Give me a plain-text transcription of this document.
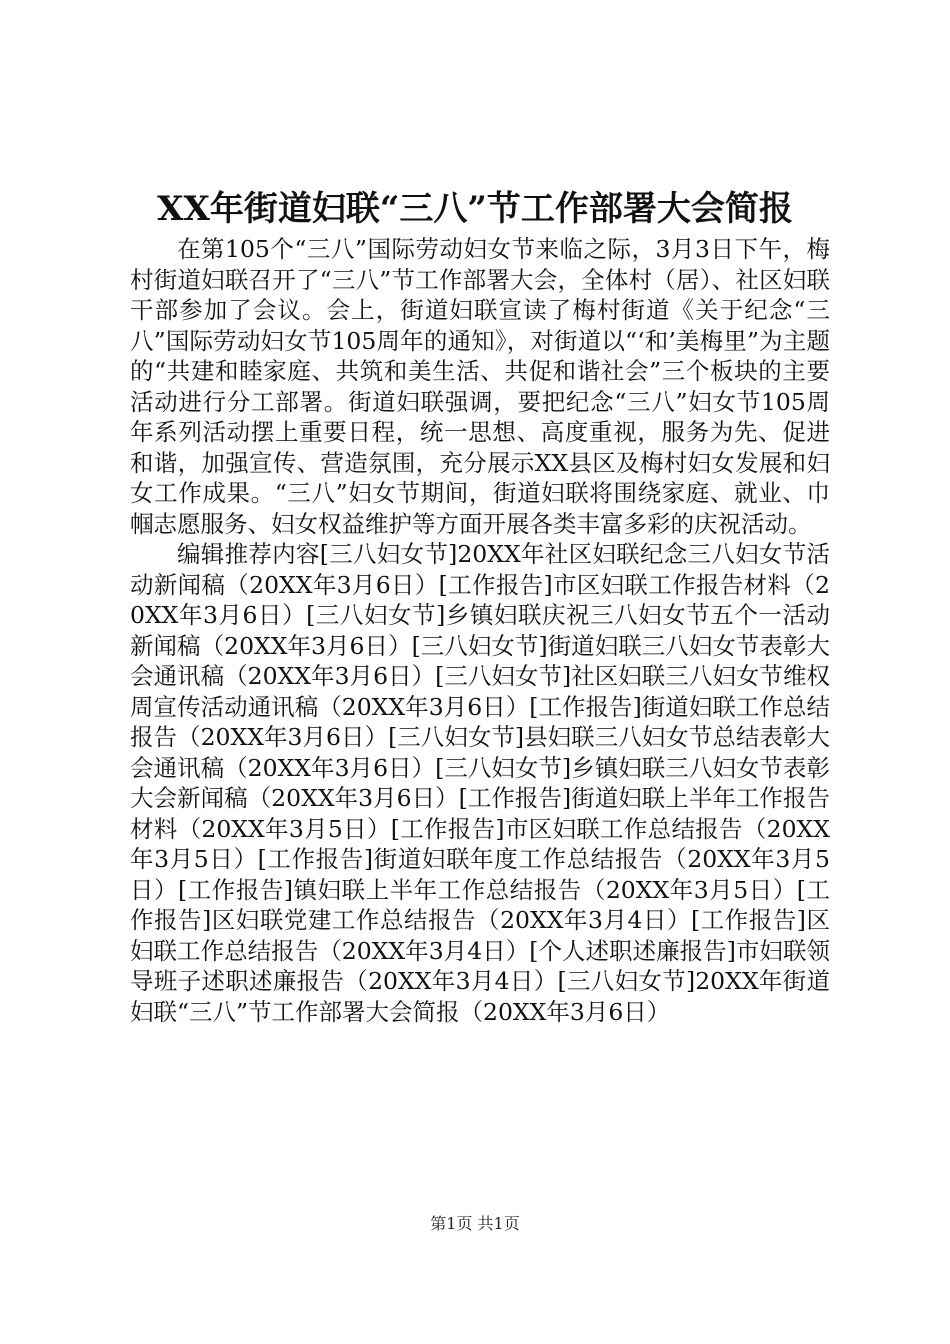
XX年街道妇联“三八”节工作部署大会简报

在第105个“三八”国际劳动妇女节来临之际，3月3日下午，梅村街道妇联召开了“三八”节工作部署大会，全体村（居）、社区妇联干部参加了会议。会上，街道妇联宣读了梅村街道《关于纪念“三八”国际劳动妇女节105周年的通知》，对街道以“‘和’美梅里”为主题的“共建和睦家庭、共筑和美生活、共促和谐社会”三个板块的主要活动进行分工部署。街道妇联强调，要把纪念“三八”妇女节105周年系列活动摆上重要日程，统一思想、高度重视，服务为先、促进和谐，加强宣传、营造氛围，充分展示XX县区及梅村妇女发展和妇女工作成果。“三八”妇女节期间，街道妇联将围绕家庭、就业、巾帼志愿服务、妇女权益维护等方面开展各类丰富多彩的庆祝活动。

编辑推荐内容[三八妇女节]20XX年社区妇联纪念三八妇女节活动新闻稿（20XX年3月6日）[工作报告]市区妇联工作报告材料（20XX年3月6日）[三八妇女节]乡镇妇联庆祝三八妇女节五个一活动新闻稿（20XX年3月6日）[三八妇女节]街道妇联三八妇女节表彰大会通讯稿（20XX年3月6日）[三八妇女节]社区妇联三八妇女节维权周宣传活动通讯稿（20XX年3月6日）[工作报告]街道妇联工作总结报告（20XX年3月6日）[三八妇女节]县妇联三八妇女节总结表彰大会通讯稿（20XX年3月6日）[三八妇女节]乡镇妇联三八妇女节表彰大会新闻稿（20XX年3月6日）[工作报告]街道妇联上半年工作报告材料（20XX年3月5日）[工作报告]市区妇联工作总结报告（20XX年3月5日）[工作报告]街道妇联年度工作总结报告（20XX年3月5日）[工作报告]镇妇联上半年工作总结报告（20XX年3月5日）[工作报告]区妇联党建工作总结报告（20XX年3月4日）[工作报告]区妇联工作总结报告（20XX年3月4日）[个人述职述廉报告]市妇联领导班子述职述廉报告（20XX年3月4日）[三八妇女节]20XX年街道妇联“三八”节工作部署大会简报（20XX年3月6日）

第1页 共1页
